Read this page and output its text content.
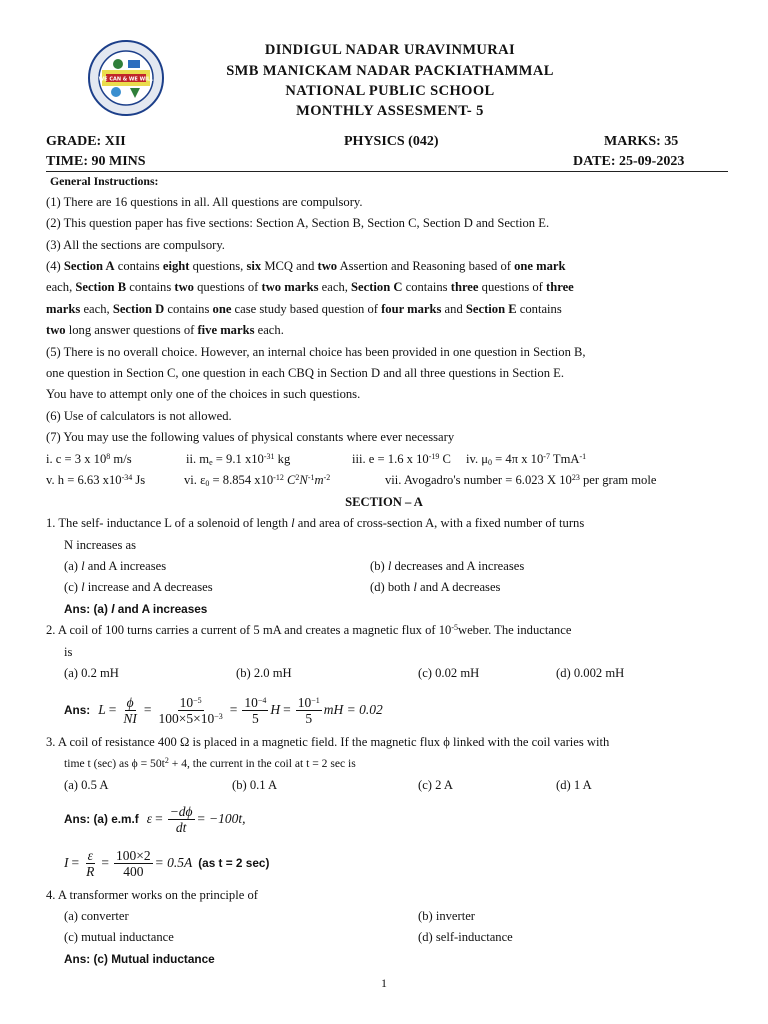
WE CAN & WE WILL
DINDIGUL NADAR URAVINMURAI
SMB MANICKAM NADAR PACKIATHAMMAL
NATIONAL PUBLIC SCHOOL
MONTHLY ASSESMENT- 5
GRADE: XII	PHYSICS (042)	MARKS: 35
TIME: 90 MINS	DATE: 25-09-2023
General Instructions:
(1) There are 16 questions in all. All questions are compulsory.
(2) This question paper has five sections: Section A, Section B, Section C, Section D and Section E.
(3) All the sections are compulsory.
(4) Section A contains eight questions, six MCQ and two Assertion and Reasoning based of one mark
each, Section B contains two questions of two marks each, Section C contains three questions of three
marks each, Section D contains one case study based question of four marks and Section E contains
two long answer questions of five marks each.
(5) There is no overall choice. However, an internal choice has been provided in one question in Section B,
one question in Section C, one question in each CBQ in Section D and all three questions in Section E.
You have to attempt only one of the choices in such questions.
(6) Use of calculators is not allowed.
(7) You may use the following values of physical constants where ever necessary
i. c = 3 x $10^8$ m/s	ii. $m_e = 9.1$ $x10^{-31}$ kg	iii. e = 1.6 x $10^{-19}$ C iv. $\mu_0 = 4\pi$ x $10^{-7}$ TmA$^{-1}$
v. h = 6.63 $x10^{-34}$ Js	vi. $\varepsilon_0 = 8.854$ $x10^{-12}$ $C^2N^{-1}m^{-2}$	vii. Avogadro's number = 6.023 X $10^{23}$ per gram mole
SECTION – A
1. The self- inductance L of a solenoid of length l and area of cross-section A, with a fixed number of turns
N increases as
(a) l and A increases	(b) l decreases and A increases
(c) l increase and A decreases	(d) both l and A decreases
Ans: (a) l and A increases
2. A coil of 100 turns carries a current of 5 mA and creates a magnetic flux of $10^{-5}weber$. The inductance
is
(a) 0.2 mH	(b) 2.0 mH	(c) 0.02 mH	(d) 0.002 mH
Ans: $L = \frac{\phi}{NI} = \frac{10^{-5}}{100\times 5\times 10^{-3}} = \frac{10^{-4}}{5}$ $H = \frac{10^{-1}}{5}$ mH = 0.02
3. A coil of resistance 400 Ω is placed in a magnetic field. If the magnetic flux ϕ linked with the coil varies with
time t (sec) as $\phi = 50t^2 + 4$, the current in the coil at t = 2 sec is
(a) 0.5 A	(b) 0.1 A	(c) 2 A	(d) 1 A
Ans: (a) e.m.f $\varepsilon = \frac{-d\phi}{dt} = -100t$,
$I = \frac{\varepsilon}{R} = \frac{100\times 2}{400} = 0.5A$ (as t = 2 sec)
4. A transformer works on the principle of
(a) converter	(b) inverter
(c) mutual inductance	(d) self-inductance
Ans: (c) Mutual inductance
1
